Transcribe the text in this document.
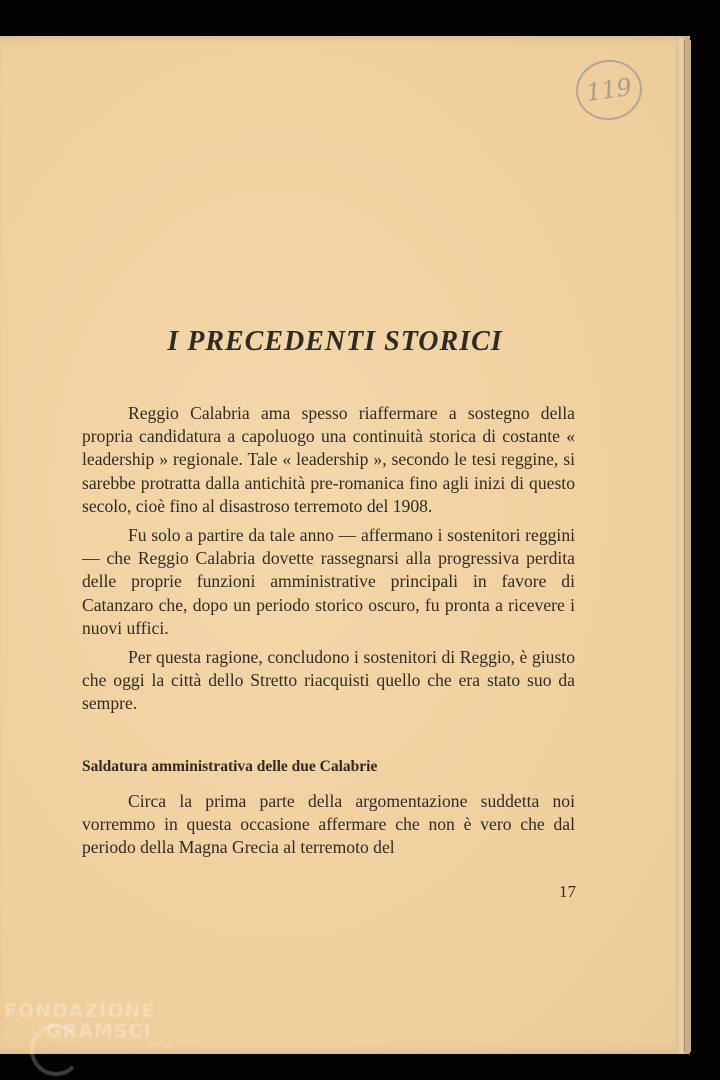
119
I PRECEDENTI STORICI

Reggio Calabria ama spesso riaffermare a sostegno della propria candidatura a capoluogo una continuità storica di costante « leadership » regionale. Tale « leadership », secondo le tesi reggine, si sarebbe protratta dalla antichità pre-romanica fino agli inizi di questo secolo, cioè fino al disastroso terremoto del 1908.

Fu solo a partire da tale anno — affermano i sostenitori reggini — che Reggio Calabria dovette rassegnarsi alla progressiva perdita delle proprie funzioni amministrative principali in favore di Catanzaro che, dopo un periodo storico oscuro, fu pronta a ricevere i nuovi uffici.

Per questa ragione, concludono i sostenitori di Reggio, è giusto che oggi la città dello Stretto riacquisti quello che era stato suo da sempre.

Saldatura amministrativa delle due Calabrie

Circa la prima parte della argomentazione suddetta noi vorremmo in questa occasione affermare che non è vero che dal periodo della Magna Grecia al terremoto del

17
FONDAZIONE
GRAMSCI
onlus
